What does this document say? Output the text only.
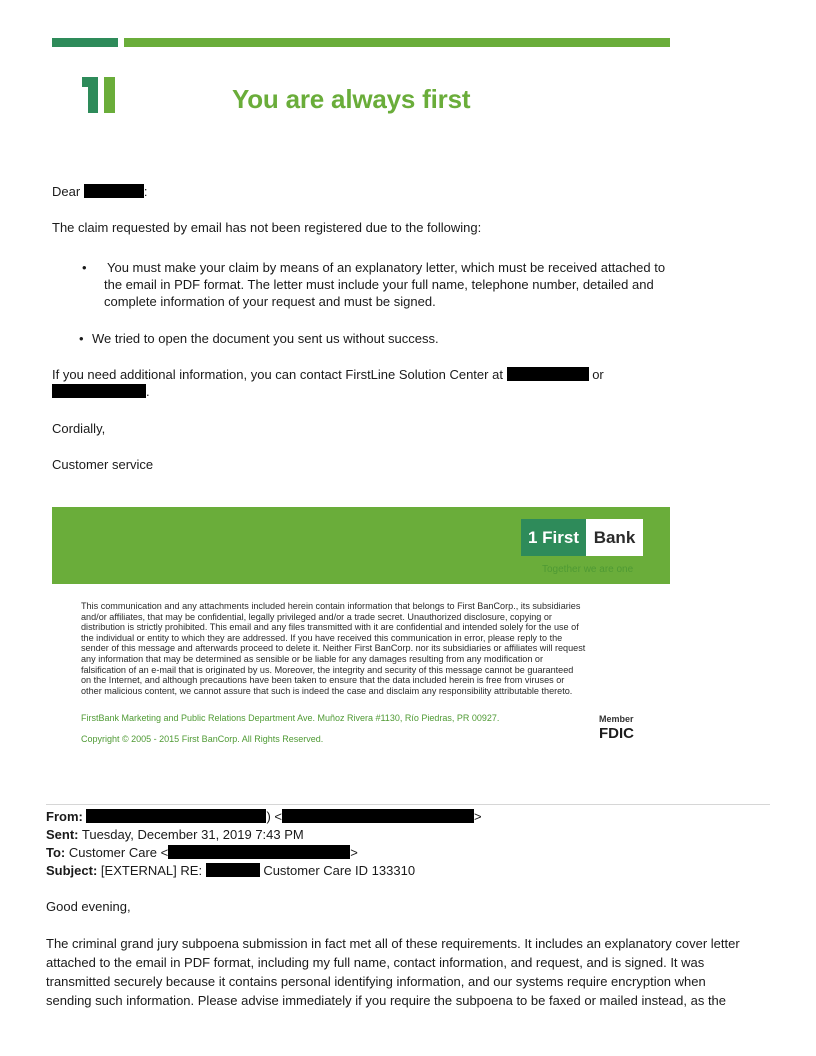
You are always first
Dear	:
The claim requested by email has not been registered due to the following:
• You must make your claim by means of an explanatory letter, which must be received attached to
the email in PDF format. The letter must include your full name, telephone number, detailed and
complete information of your request and must be signed.
• We tried to open the document you sent us without success.
If you need additional information, you can contact FirstLine Solution Center at	or
.
Cordially,
Customer service
1 First Bank
Together we are one
This communication and any attachments included herein contain information that belongs to First BanCorp., its subsidiaries
and/or affiliates, that may be confidential, legally privileged and/or a trade secret. Unauthorized disclosure, copying or
distribution is strictly prohibited. This email and any files transmitted with it are confidential and intended solely for the use of
the individual or entity to which they are addressed. If you have received this communication in error, please reply to the
sender of this message and afterwards proceed to delete it. Neither First BanCorp. nor its subsidiaries or affiliates will request
any information that may be determined as sensible or be liable for any damages resulting from any modification or
falsification of an e-mail that is originated by us. Moreover, the integrity and security of this message cannot be guaranteed
on the Internet, and although precautions have been taken to ensure that the data included herein is free from viruses or
other malicious content, we cannot assure that such is indeed the case and disclaim any responsibility attributable thereto.
FirstBank Marketing and Public Relations Department Ave. Muñoz Rivera #1130, Río Piedras, PR 00927.
Copyright © 2005 - 2015 First BanCorp. All Rights Reserved.
Member
FDIC
From:	) <	>
Sent: Tuesday, December 31, 2019 7:43 PM
To: Customer Care <	>
Subject: [EXTERNAL] RE:	Customer Care ID 133310
Good evening,
The criminal grand jury subpoena submission in fact met all of these requirements. It includes an explanatory cover letter
attached to the email in PDF format, including my full name, contact information, and request, and is signed. It was
transmitted securely because it contains personal identifying information, and our systems require encryption when
sending such information. Please advise immediately if you require the subpoena to be faxed or mailed instead, as the
